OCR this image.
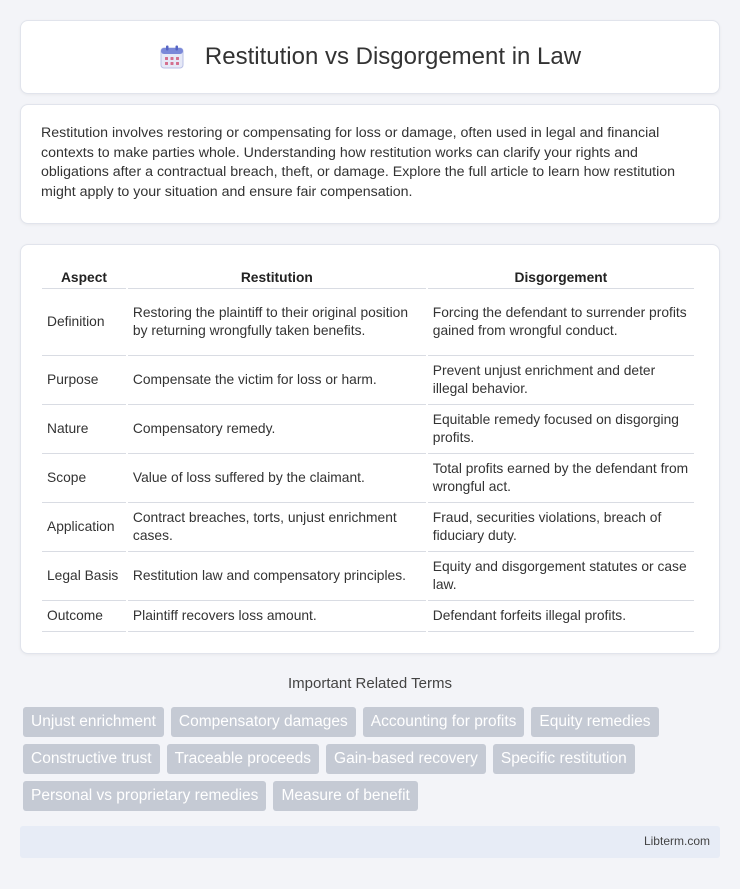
Restitution vs Disgorgement in Law

Restitution involves restoring or compensating for loss or damage, often used in legal and financial contexts to make parties whole. Understanding how restitution works can clarify your rights and obligations after a contractual breach, theft, or damage. Explore the full article to learn how restitution might apply to your situation and ensure fair compensation.

Aspect	Restitution	Disgorgement
Definition	Restoring the plaintiff to their original position by returning wrongfully taken benefits.	Forcing the defendant to surrender profits gained from wrongful conduct.
Purpose	Compensate the victim for loss or harm.	Prevent unjust enrichment and deter illegal behavior.
Nature	Compensatory remedy.	Equitable remedy focused on disgorging profits.
Scope	Value of loss suffered by the claimant.	Total profits earned by the defendant from wrongful act.
Application	Contract breaches, torts, unjust enrichment cases.	Fraud, securities violations, breach of fiduciary duty.
Legal Basis	Restitution law and compensatory principles.	Equity and disgorgement statutes or case law.
Outcome	Plaintiff recovers loss amount.	Defendant forfeits illegal profits.
Important Related Terms
Unjust enrichment	Compensatory damages	Accounting for profits	Equity remedies
Constructive trust	Traceable proceeds	Gain-based recovery	Specific restitution
Personal vs proprietary remedies	Measure of benefit
Libterm.com
